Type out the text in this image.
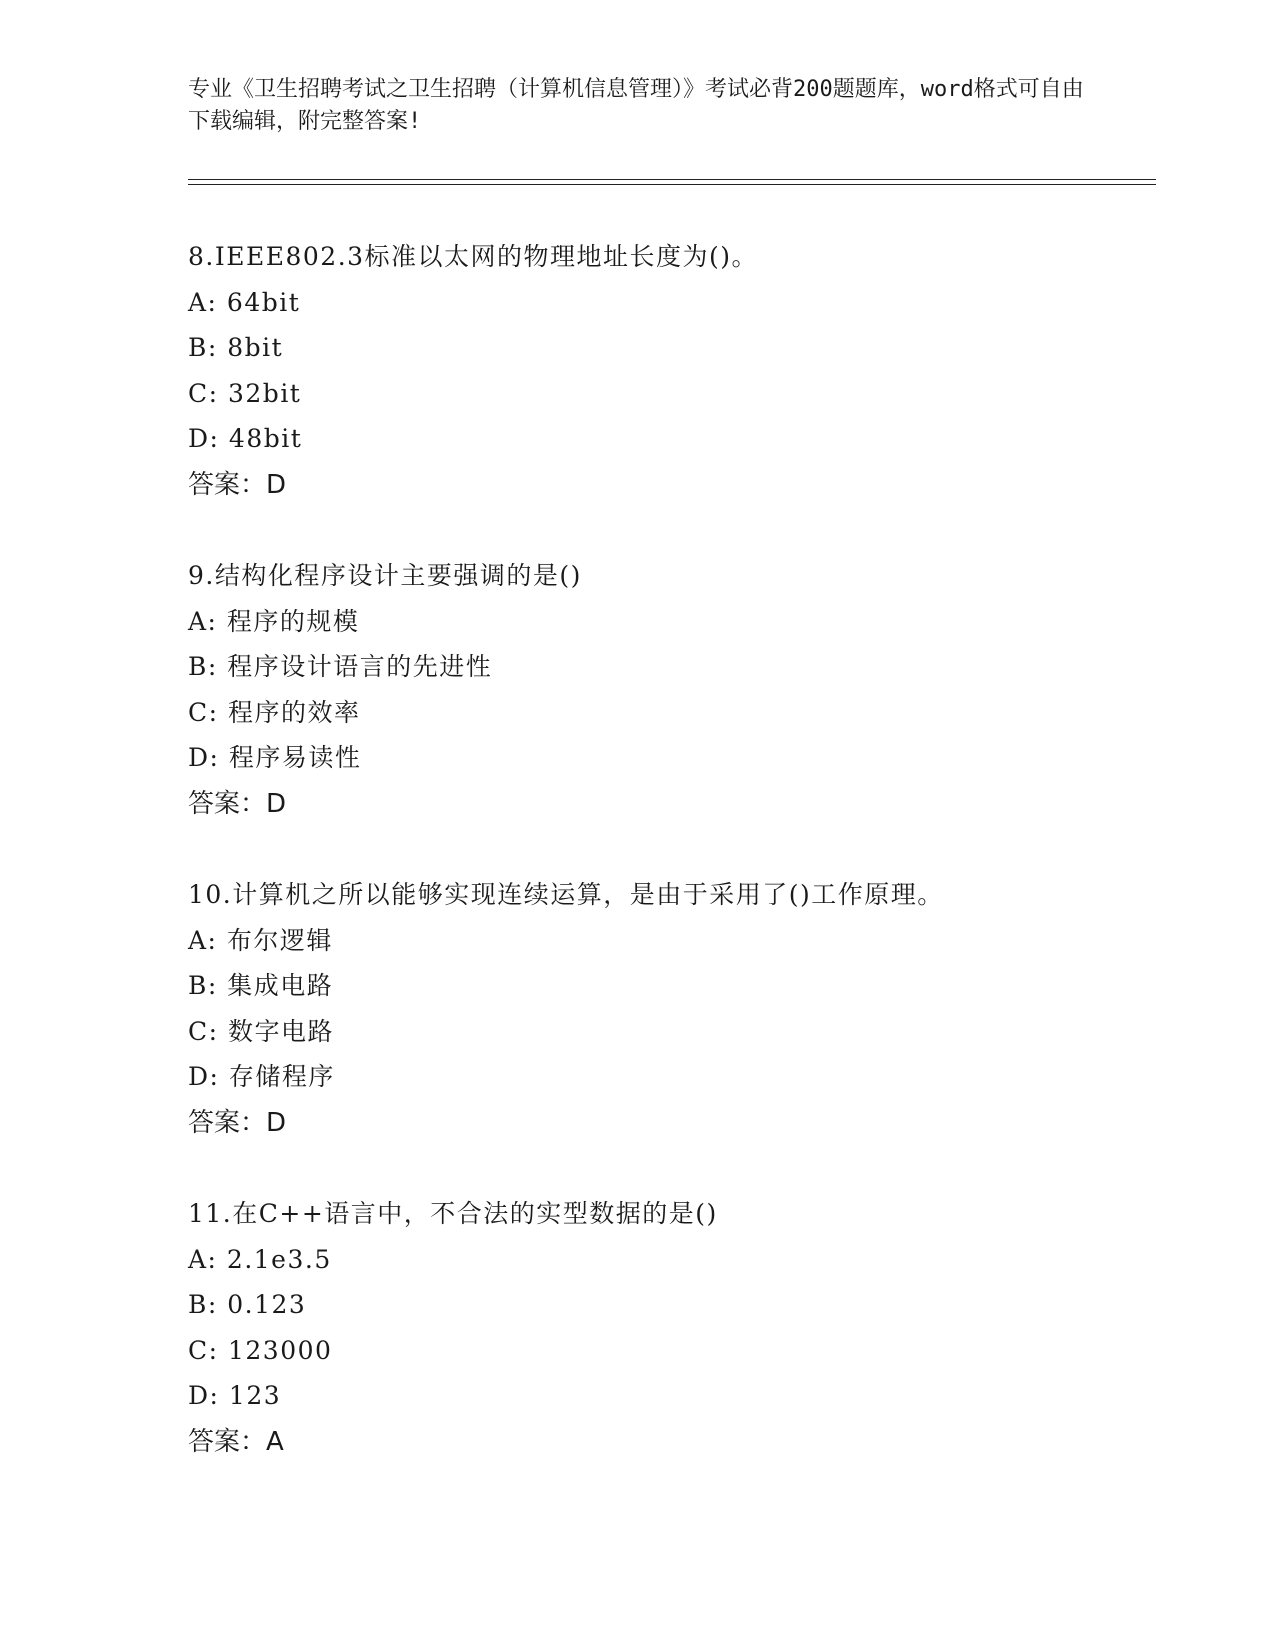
专业《卫生招聘考试之卫生招聘（计算机信息管理）》考试必背200题题库，word格式可自由下载编辑，附完整答案!
8.IEEE802.3标准以太网的物理地址长度为()。
A: 64bit
B: 8bit
C: 32bit
D: 48bit
答案：D
9.结构化程序设计主要强调的是()
A: 程序的规模
B: 程序设计语言的先进性
C: 程序的效率
D: 程序易读性
答案：D
10.计算机之所以能够实现连续运算，是由于采用了()工作原理。
A: 布尔逻辑
B: 集成电路
C: 数字电路
D: 存储程序
答案：D
11.在C++语言中，不合法的实型数据的是()
A: 2.1e3.5
B: 0.123
C: 123000
D: 123
答案：A
